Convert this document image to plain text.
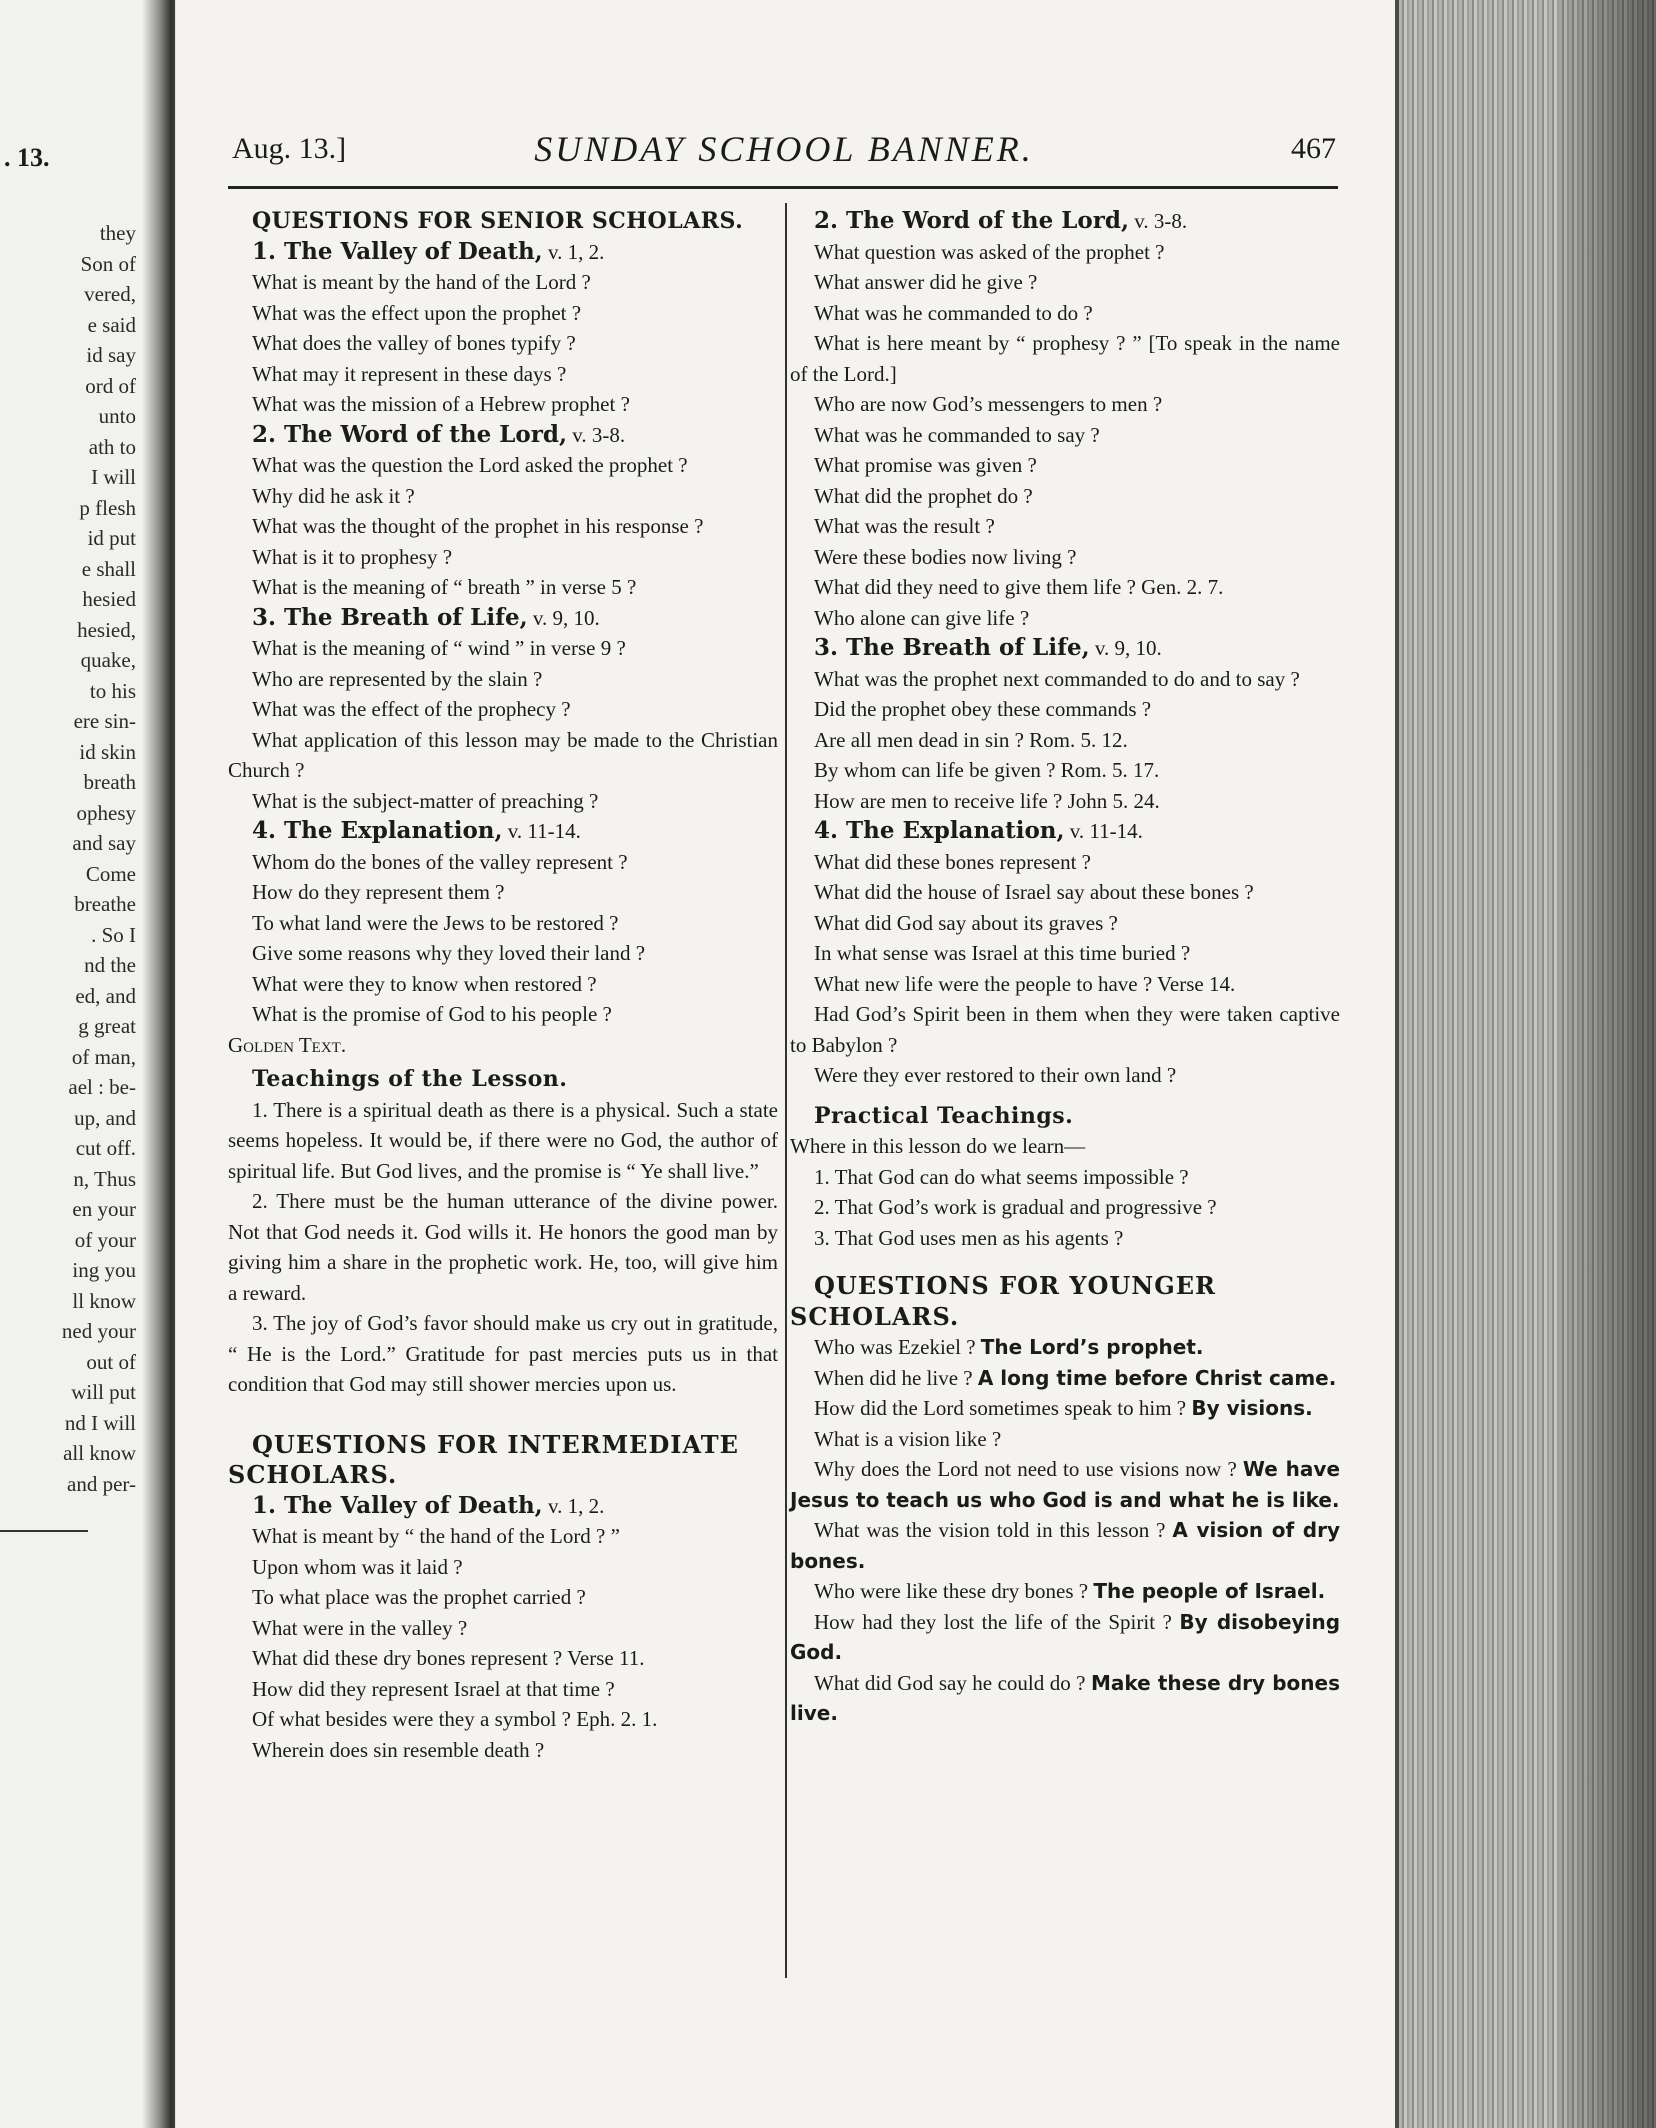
. 13.
they
Son of
vered,
e said
id say
ord of
unto
ath to
I will
p flesh
id put
e shall
hesied
hesied,
quake,
to his
ere sin-
id skin
breath
ophesy
and say
Come
breathe
. So I
nd the
ed, and
g great
of man,
ael : be-
up, and
cut off.
n, Thus
en your
of your
ing you
ll know
ned your
out of
will put
nd I will
all know
and per-
Aug. 13.]	SUNDAY SCHOOL BANNER.	467

QUESTIONS FOR SENIOR SCHOLARS.

1. The Valley of Death, v. 1, 2.

What is meant by the hand of the Lord ?

What was the effect upon the prophet ?

What does the valley of bones typify ?

What may it represent in these days ?

What was the mission of a Hebrew prophet ?

2. The Word of the Lord, v. 3-8.

What was the question the Lord asked the prophet ?

Why did he ask it ?

What was the thought of the prophet in his response ?

What is it to prophesy ?

What is the meaning of “ breath ” in verse 5 ?

3. The Breath of Life, v. 9, 10.

What is the meaning of “ wind ” in verse 9 ?

Who are represented by the slain ?

What was the effect of the prophecy ?

What application of this lesson may be made to the Christian Church ?

What is the subject-matter of preaching ?

4. The Explanation, v. 11-14.

Whom do the bones of the valley represent ?

How do they represent them ?

To what land were the Jews to be restored ?

Give some reasons why they loved their land ?

What were they to know when restored ?

What is the promise of God to his people ?

Golden Text.

Teachings of the Lesson.

1. There is a spiritual death as there is a physical. Such a state seems hopeless. It would be, if there were no God, the author of spiritual life. But God lives, and the promise is “ Ye shall live.”

2. There must be the human utterance of the divine power. Not that God needs it. God wills it. He honors the good man by giving him a share in the prophetic work. He, too, will give him a reward.

3. The joy of God’s favor should make us cry out in gratitude, “ He is the Lord.” Gratitude for past mercies puts us in that condition that God may still shower mercies upon us.

QUESTIONS FOR INTERMEDIATE
SCHOLARS.

1. The Valley of Death, v. 1, 2.

What is meant by “ the hand of the Lord ? ”

Upon whom was it laid ?

To what place was the prophet carried ?

What were in the valley ?

What did these dry bones represent ? Verse 11.

How did they represent Israel at that time ?

Of what besides were they a symbol ? Eph. 2. 1.

Wherein does sin resemble death ?

2. The Word of the Lord, v. 3-8.

What question was asked of the prophet ?

What answer did he give ?

What was he commanded to do ?

What is here meant by “ prophesy ? ” [To speak in the name of the Lord.]

Who are now God’s messengers to men ?

What was he commanded to say ?

What promise was given ?

What did the prophet do ?

What was the result ?

Were these bodies now living ?

What did they need to give them life ? Gen. 2. 7.

Who alone can give life ?

3. The Breath of Life, v. 9, 10.

What was the prophet next commanded to do and to say ?

Did the prophet obey these commands ?

Are all men dead in sin ? Rom. 5. 12.

By whom can life be given ? Rom. 5. 17.

How are men to receive life ? John 5. 24.

4. The Explanation, v. 11-14.

What did these bones represent ?

What did the house of Israel say about these bones ?

What did God say about its graves ?

In what sense was Israel at this time buried ?

What new life were the people to have ? Verse 14.

Had God’s Spirit been in them when they were taken captive to Babylon ?

Were they ever restored to their own land ?

Practical Teachings.

Where in this lesson do we learn—

1. That God can do what seems impossible ?

2. That God’s work is gradual and progressive ?

3. That God uses men as his agents ?

QUESTIONS FOR YOUNGER
SCHOLARS.

Who was Ezekiel ? The Lord’s prophet.

When did he live ? A long time before Christ came.

How did the Lord sometimes speak to him ? By visions.

What is a vision like ?

Why does the Lord not need to use visions now ? We have Jesus to teach us who God is and what he is like.

What was the vision told in this lesson ? A vision of dry bones.

Who were like these dry bones ? The people of Israel.

How had they lost the life of the Spirit ? By disobeying God.

What did God say he could do ? Make these dry bones live.
